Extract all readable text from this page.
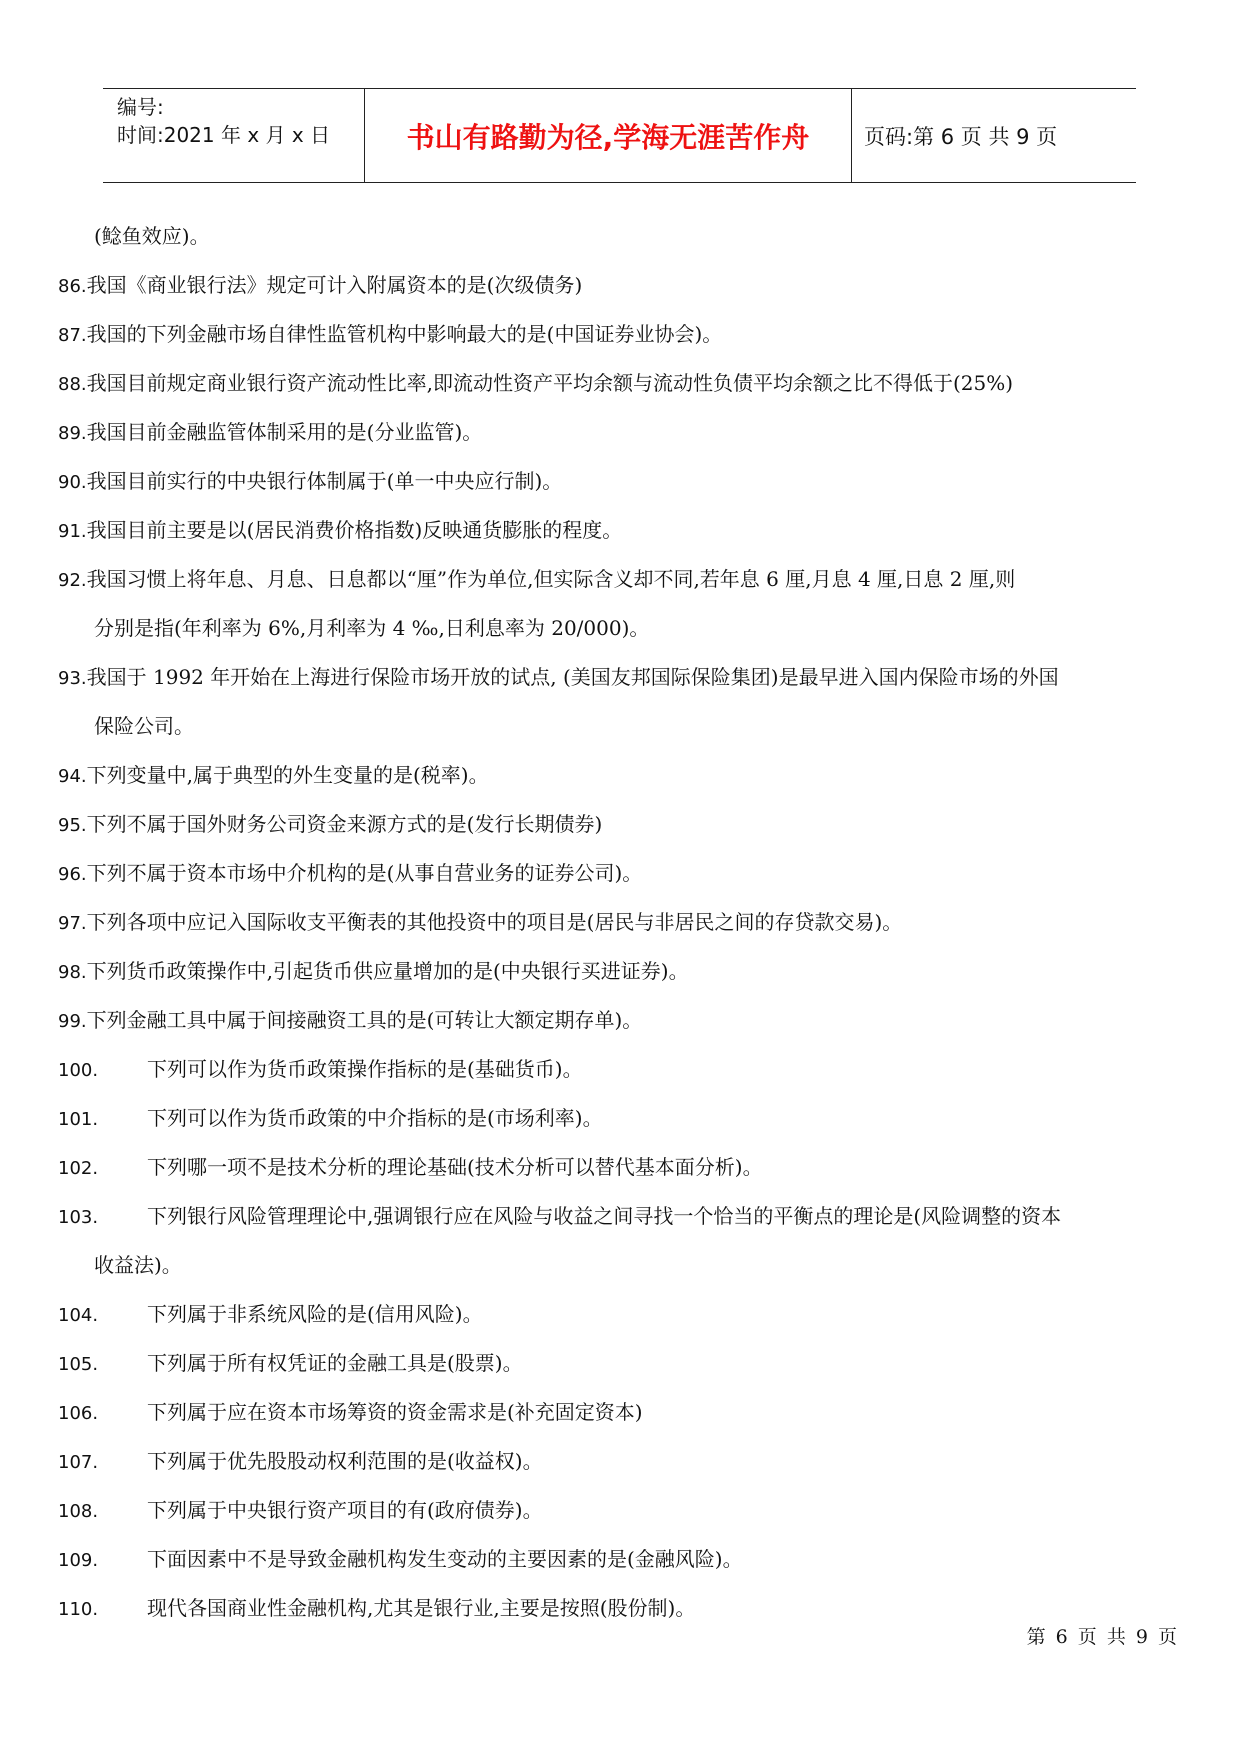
编号:
时间:2021 年 x 月 x 日	书山有路勤为径,学海无涯苦作舟	页码:第 6 页 共 9 页
(鲶鱼效应)。
86.我国《商业银行法》规定可计入附属资本的是(次级债务)
87.我国的下列金融市场自律性监管机构中影响最大的是(中国证券业协会)。
88.我国目前规定商业银行资产流动性比率,即流动性资产平均余额与流动性负债平均余额之比不得低于(25%)
89.我国目前金融监管体制采用的是(分业监管)。
90.我国目前实行的中央银行体制属于(单一中央应行制)。
91.我国目前主要是以(居民消费价格指数)反映通货膨胀的程度。
92.我国习惯上将年息、月息、日息都以“厘”作为单位,但实际含义却不同,若年息 6 厘,月息 4 厘,日息 2 厘,则
分别是指(年利率为 6%,月利率为 4 ‰,日利息率为 20/000)。
93.我国于 1992 年开始在上海进行保险市场开放的试点, (美国友邦国际保险集团)是最早进入国内保险市场的外国
保险公司。
94.下列变量中,属于典型的外生变量的是(税率)。
95.下列不属于国外财务公司资金来源方式的是(发行长期债券)
96.下列不属于资本市场中介机构的是(从事自营业务的证券公司)。
97.下列各项中应记入国际收支平衡表的其他投资中的项目是(居民与非居民之间的存贷款交易)。
98.下列货币政策操作中,引起货币供应量增加的是(中央银行买进证券)。
99.下列金融工具中属于间接融资工具的是(可转让大额定期存单)。
100. 下列可以作为货币政策操作指标的是(基础货币)。
101. 下列可以作为货币政策的中介指标的是(市场利率)。
102. 下列哪一项不是技术分析的理论基础(技术分析可以替代基本面分析)。
103. 下列银行风险管理理论中,强调银行应在风险与收益之间寻找一个恰当的平衡点的理论是(风险调整的资本
收益法)。
104. 下列属于非系统风险的是(信用风险)。
105. 下列属于所有权凭证的金融工具是(股票)。
106. 下列属于应在资本市场筹资的资金需求是(补充固定资本)
107. 下列属于优先股股动权利范围的是(收益权)。
108. 下列属于中央银行资产项目的有(政府债券)。
109. 下面因素中不是导致金融机构发生变动的主要因素的是(金融风险)。
110. 现代各国商业性金融机构,尤其是银行业,主要是按照(股份制)。
第 6 页 共 9 页
